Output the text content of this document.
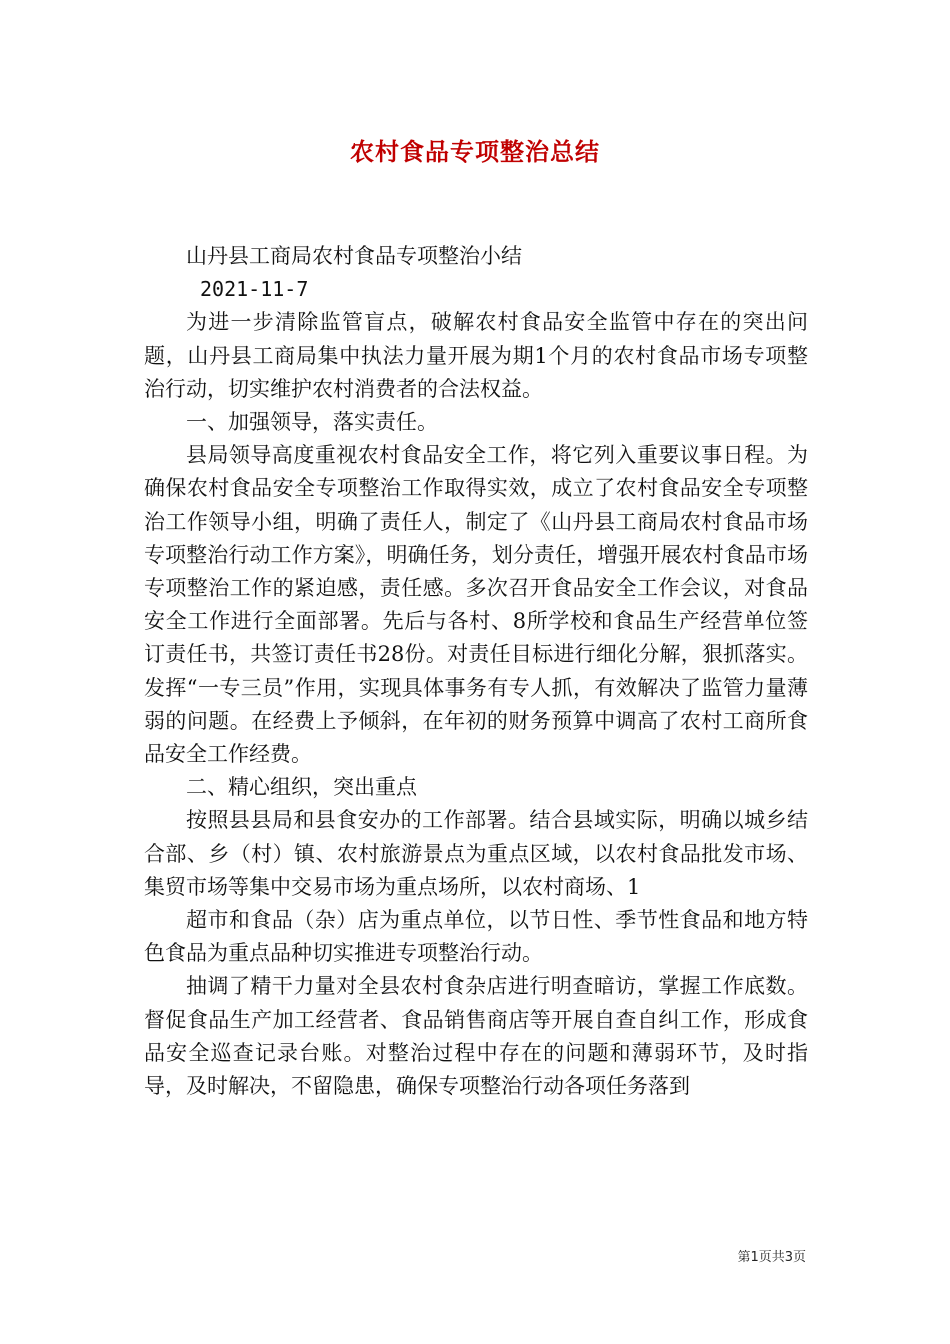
农村食品专项整治总结

山丹县工商局农村食品专项整治小结

2021-11-7

为进一步清除监管盲点，破解农村食品安全监管中存在的突出问题，山丹县工商局集中执法力量开展为期1个月的农村食品市场专项整治行动，切实维护农村消费者的合法权益。

一、加强领导，落实责任。

县局领导高度重视农村食品安全工作，将它列入重要议事日程。为确保农村食品安全专项整治工作取得实效，成立了农村食品安全专项整治工作领导小组，明确了责任人，制定了《山丹县工商局农村食品市场专项整治行动工作方案》，明确任务，划分责任，增强开展农村食品市场专项整治工作的紧迫感，责任感。多次召开食品安全工作会议，对食品安全工作进行全面部署。先后与各村、8所学校和食品生产经营单位签订责任书，共签订责任书28份。对责任目标进行细化分解，狠抓落实。发挥“一专三员”作用，实现具体事务有专人抓，有效解决了监管力量薄弱的问题。在经费上予倾斜，在年初的财务预算中调高了农村工商所食品安全工作经费。

二、精心组织，突出重点

按照县县局和县食安办的工作部署。结合县域实际，明确以城乡结合部、乡（村）镇、农村旅游景点为重点区域，以农村食品批发市场、集贸市场等集中交易市场为重点场所，以农村商场、1

超市和食品（杂）店为重点单位，以节日性、季节性食品和地方特色食品为重点品种切实推进专项整治行动。

抽调了精干力量对全县农村食杂店进行明查暗访，掌握工作底数。督促食品生产加工经营者、食品销售商店等开展自查自纠工作，形成食品安全巡查记录台账。对整治过程中存在的问题和薄弱环节，及时指导，及时解决，不留隐患，确保专项整治行动各项任务落到

第1页共3页
